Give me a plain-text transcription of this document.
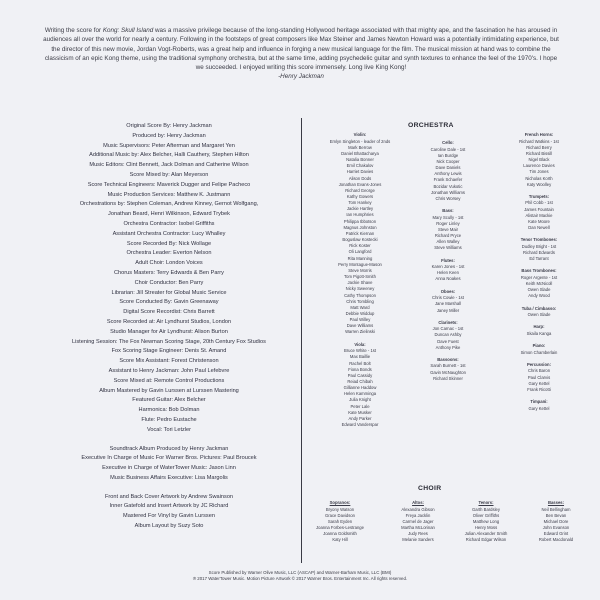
Writing the score for Kong: Skull Island was a massive privilege because of the long-standing Hollywood heritage associated with that mighty ape, and the fascination he has aroused in audiences all over the world for nearly a century. Following in the footsteps of great composers like Max Steiner and James Newton Howard was a potentially intimidating experience, but the director of this new movie, Jordan Vogt-Roberts, was a great help and influence in forging a new musical language for the film. The musical mission at hand was to combine the classicism of an epic Kong theme, using the traditional symphony orchestra, but at the same time, adding psychedelic guitar and synth textures to enhance the feel of the 1970's. I hope we succeeded. I enjoyed writing this score immensely. Long live King Kong!
-Henry Jackman
Original Score By: Henry Jackman
Produced by: Henry Jackman
Music Supervisors: Peter Afterman and Margaret Yen
Additional Music by: Alex Belcher, Halli Cauthery, Stephen Hilton
Music Editors: Clint Bennett, Jack Dolman and Catherine Wilson
Score Mixed by: Alan Meyerson
Score Technical Engineers: Maverick Dugger and Felipe Pacheco
Music Production Services: Matthew K. Justmann
Orchestrations by: Stephen Coleman, Andrew Kinney, Gernot Wolfgang,
Jonathan Beard, Henri Wilkinson, Edward Trybek
Orchestra Contractor: Isobel Griffiths
Assistant Orchestra Contractor: Lucy Whalley
Score Recorded By: Nick Wollage
Orchestra Leader: Everton Nelson
Adult Choir: London Voices
Chorus Masters: Terry Edwards & Ben Parry
Choir Conductor: Ben Parry
Librarian: Jill Streater for Global Music Service
Score Conducted By: Gavin Greenaway
Digital Score Recordist: Chris Barrett
Score Recorded at: Air Lyndhurst Studios, London
Studio Manager for Air Lyndhurst: Alison Burton
Listening Session: The Fox Newman Scoring Stage, 20th Century Fox Studios
Fox Scoring Stage Engineer: Denis St. Amand
Score Mix Assistant: Forest Christenson
Assistant to Henry Jackman: John Paul Lefebvre
Score Mixed at: Remote Control Productions
Album Mastered by Gavin Lurssen at Lurssen Mastering
Featured Guitar: Alex Belcher
Harmonica: Bob Dolman
Flute: Pedro Eustache
Vocal: Tori Letzler
Soundtrack Album Produced by Henry Jackman
Executive In Charge of Music For Warner Bros. Pictures: Paul Broucek
Executive in Charge of WaterTower Music: Jason Linn
Music Business Affairs Executive: Lisa Margolis
Front and Back Cover Artwork by Andrew Swainson
Inner Gatefold and Insert Artwork by JC Richard
Mastered For Vinyl by Gavin Lurssen
Album Layout by Suzy Soto
ORCHESTRA
Violin:
Emlyn Singleton - leader of 2nds
Mark Berrow
Daniel Bhattacharya
Natalia Bonner
Emil Chakalov
Harriet Davies
Alison Dods
Jonathan Evans-Jones
Richard George
Kathy Gowers
Tom Hankey
Jackie Hartley
Ian Humphries
Philippa Ibbotson
Magnus Johnston
Patrick Kiernan
Boguslaw Kostecki
Rick Koster
Oli Langford
Rita Manning
Perry Montague-Mason
Steve Morris
Tom Pigott-Smith
Jackie Shave
Nicky Sweeney
Cathy Thompson
Chris Tombling
Matt Ward
Debbie Widdup
Paul Willey
Dave Williams
Warren Zielinski
Viola:
Bruce White - 1st
Max Baillie
Rachel Bolt
Fiona Bonds
Paul Cassidy
Reiad Chibah
Gillianne Haddow
Helen Kamminga
Julia Knight
Peter Lale
Kate Musker
Andy Parker
Edward Vanderspar
Cello:
Caroline Dale - 1st
Ian Burdge
Nick Cooper
Dave Daniels
Anthony Lewis
Frank Schaefer
Bozidar Vukotic
Jonathan Williams
Chris Worsey
Bass:
Mary Scully - 1st
Roger Linley
Steve Mair
Richard Pryce
Allen Walley
Steve Williams
Flutes:
Karen Jones - 1st
Helen Keen
Anna Noakes
Oboes:
Chris Cowie - 1st
Jane Marshall
Janey Miller
Clarinets:
Jon Carnac - 1st
Duncan Ashby
Dave Fuest
Anthony Pike
Bassoons:
Sarah Burnett - 1st
Gavin McNaughton
Richard Skinner
French Horns:
Richard Watkins - 1st
Richard Berry
Richard Bissill
Nigel Black
Laurence Davies
Tim Jones
Nicholas Korth
Katy Woolley
Trumpets:
Phil Cobb - 1st
James Fountain
Alistair Mackie
Kate Moore
Dan Newell
Tenor Trombones:
Dudley Bright - 1st
Richard Edwards
Ed Tarrant
Bass Trombones:
Roger Argente - 1st
Keith McNicoll
Owen Slade
Andy Wood
Tuba / Cimbasso:
Owen Slade
Harp:
Skaila Kanga
Piano:
Simon Chamberlain
Percussion:
Chris Baron
Paul Clarvis
Gary Kettel
Frank Ricotti
Timpani:
Gary Kettel
CHOIR
Sopranos:
Bryony Watson
Grace Davidson
Sarah Eyden
Joanna Forbes-Lestrange
Joanna Goldsmith
Katy Hill
Altos:
Alexandra Gibson
Freya Jacklin
Carmel de Jager
Martha McLorinan
Judy Rees
Melanie Sanders
Tenors:
Garth Bardsley
Oliver Griffiths
Matthew Long
Henry Moss
Julian Alexander Smith
Richard Edgar Wilson
Basses:
Neil Bellingham
Ben Bevan
Michael Dore
John Evanson
Edward Grint
Robert Macdonald
Score Published by Warner Olive Music, LLC (ASCAP) and Warner-Barham Music, LLC (BMI)
℗ 2017 WaterTower Music. Motion Picture Artwork © 2017 Warner Bros. Entertainment Inc. All rights reserved.
